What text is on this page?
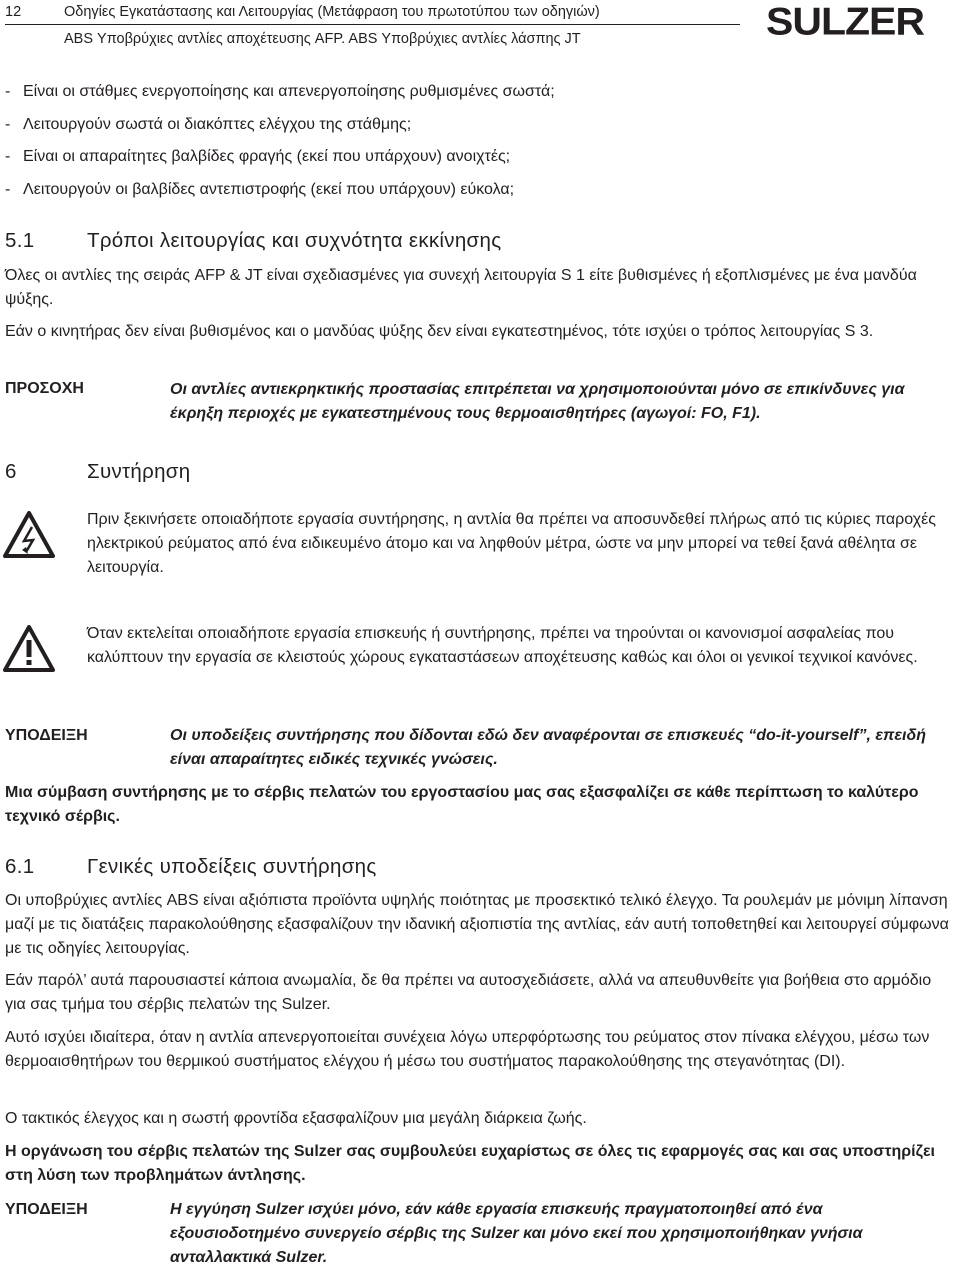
12	Οδηγίες Εγκατάστασης και Λειτουργίας (Μετάφραση του πρωτοτύπου των οδηγιών)
ABS Υποβρύχιες αντλίες αποχέτευσης AFP. ABS Υποβρύχιες αντλίες λάσπης JT	SULZER
- Είναι οι στάθμες ενεργοποίησης και απενεργοποίησης ρυθμισμένες σωστά;
- Λειτουργούν σωστά οι διακόπτες ελέγχου της στάθμης;
- Είναι οι απαραίτητες βαλβίδες φραγής (εκεί που υπάρχουν) ανοιχτές;
- Λειτουργούν οι βαλβίδες αντεπιστροφής (εκεί που υπάρχουν) εύκολα;
5.1	Τρόποι λειτουργίας και συχνότητα εκκίνησης

Όλες οι αντλίες της σειράς AFP & JT είναι σχεδιασμένες για συνεχή λειτουργία S 1 είτε βυθισμένες ή εξοπλισμένες με ένα μανδύα ψύξης.

Εάν ο κινητήρας δεν είναι βυθισμένος και ο μανδύας ψύξης δεν είναι εγκατεστημένος, τότε ισχύει ο τρόπος λειτουργίας S 3.

ΠΡΟΣΟΧΗ	Οι αντλίες αντιεκρηκτικής προστασίας επιτρέπεται να χρησιμοποιούνται μόνο σε επικίνδυνες για έκρηξη περιοχές με εγκατεστημένους τους θερμοαισθητήρες (αγωγοί: FO, F1).

6	Συντήρηση

Πριν ξεκινήσετε οποιαδήποτε εργασία συντήρησης, η αντλία θα πρέπει να αποσυνδεθεί πλήρως από τις κύριες παροχές ηλεκτρικού ρεύματος από ένα ειδικευμένο άτομο και να ληφθούν μέτρα, ώστε να μην μπορεί να τεθεί ξανά αθέλητα σε λειτουργία.

Όταν εκτελείται οποιαδήποτε εργασία επισκευής ή συντήρησης, πρέπει να τηρούνται οι κανονισμοί ασφαλείας που καλύπτουν την εργασία σε κλειστούς χώρους εγκαταστάσεων αποχέτευσης καθώς και όλοι οι γενικοί τεχνικοί κανόνες.

ΥΠΟΔΕΙΞΗ	Οι υποδείξεις συντήρησης που δίδονται εδώ δεν αναφέρονται σε επισκευές “do-it-yourself”, επειδή είναι απαραίτητες ειδικές τεχνικές γνώσεις.

Μια σύμβαση συντήρησης με το σέρβις πελατών του εργοστασίου μας σας εξασφαλίζει σε κάθε περίπτωση το καλύτερο τεχνικό σέρβις.

6.1	Γενικές υποδείξεις συντήρησης

Οι υποβρύχιες αντλίες ABS είναι αξιόπιστα προϊόντα υψηλής ποιότητας με προσεκτικό τελικό έλεγχο. Τα ρουλεμάν με μόνιμη λίπανση μαζί με τις διατάξεις παρακολούθησης εξασφαλίζουν την ιδανική αξιοπιστία της αντλίας, εάν αυτή τοποθετηθεί και λειτουργεί σύμφωνα με τις οδηγίες λειτουργίας.

Εάν παρόλ’ αυτά παρουσιαστεί κάποια ανωμαλία, δε θα πρέπει να αυτοσχεδιάσετε, αλλά να απευθυνθείτε για βοήθεια στο αρμόδιο για σας τμήμα του σέρβις πελατών της Sulzer.

Αυτό ισχύει ιδιαίτερα, όταν η αντλία απενεργοποιείται συνέχεια λόγω υπερφόρτωσης του ρεύματος στον πίνακα ελέγχου, μέσω των θερμοαισθητήρων του θερμικού συστήματος ελέγχου ή μέσω του συστήματος παρακολούθησης της στεγανότητας (DI).

Ο τακτικός έλεγχος και η σωστή φροντίδα εξασφαλίζουν μια μεγάλη διάρκεια ζωής.

Η οργάνωση του σέρβις πελατών της Sulzer σας συμβουλεύει ευχαρίστως σε όλες τις εφαρμογές σας και σας υποστηρίζει στη λύση των προβλημάτων άντλησης.

ΥΠΟΔΕΙΞΗ	Η εγγύηση Sulzer ισχύει μόνο, εάν κάθε εργασία επισκευής πραγματοποιηθεί από ένα εξουσιοδοτημένο συνεργείο σέρβις της Sulzer και μόνο εκεί που χρησιμοποιήθηκαν γνήσια ανταλλακτικά Sulzer.
